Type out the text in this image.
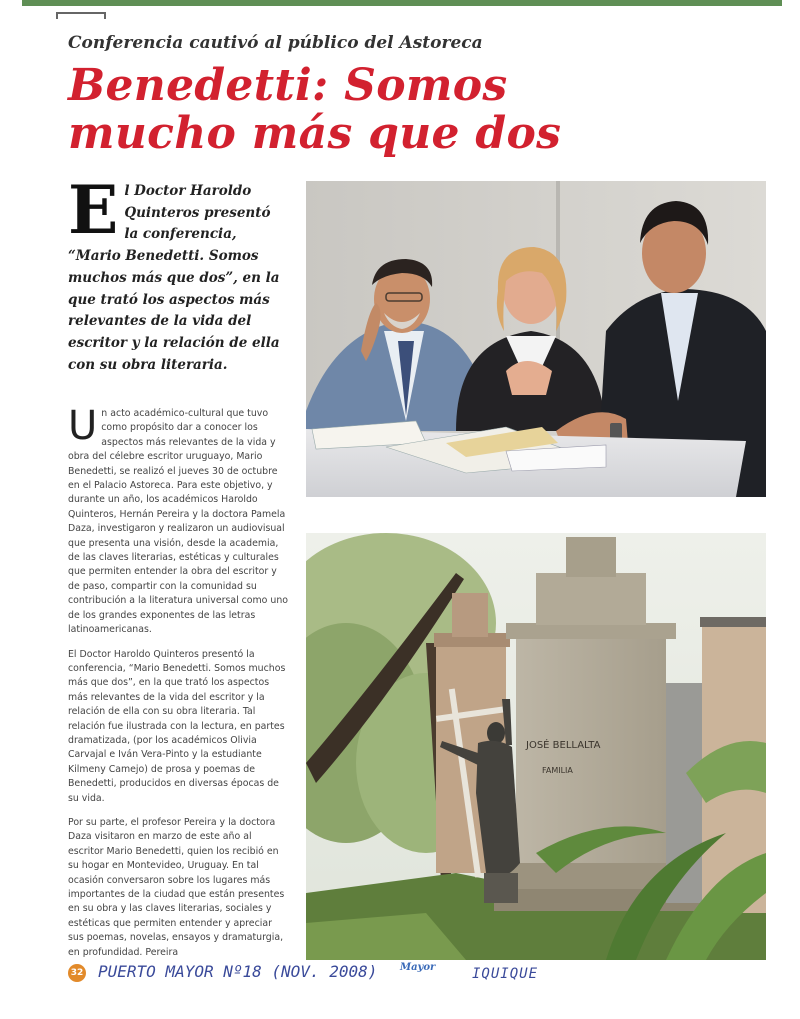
Conferencia cautivó al público del Astoreca
Benedetti: Somos mucho más que dos
El Doctor Haroldo Quinteros presentó la conferencia, “Mario Benedetti. Somos muchos más que dos”, en la que trató los aspectos más relevantes de la vida del escritor y la relación de ella con su obra literaria.

Un acto académico-cultural que tuvo como propósito dar a conocer los aspectos más relevantes de la vida y obra del célebre escritor uruguayo, Mario Benedetti, se realizó el jueves 30 de octubre en el Palacio Astoreca. Para este objetivo, y durante un año, los académicos Haroldo Quinteros, Hernán Pereira y la doctora Pamela Daza, investigaron y realizaron un audiovisual que presenta una visión, desde la academia, de las claves literarias, estéticas y culturales que permiten entender la obra del escritor y de paso, compartir con la comunidad su contribución a la literatura universal como uno de los grandes exponentes de las letras latinoamericanas.

El Doctor Haroldo Quinteros presentó la conferencia, “Mario Benedetti. Somos muchos más que dos”, en la que trató los aspectos más relevantes de la vida del escritor y la relación de ella con su obra literaria. Tal relación fue ilustrada con la lectura, en partes dramatizada, (por los académicos Olivia Carvajal e Iván Vera-Pinto y la estudiante Kilmeny Camejo) de prosa y poemas de Benedetti, producidos en diversas épocas de su vida.

Por su parte, el profesor Pereira y la doctora Daza visitaron en marzo de este año al escritor Mario Benedetti, quien los recibió en su hogar en Montevideo, Uruguay. En tal ocasión conversaron sobre los lugares más importantes de la ciudad que están presentes en su obra y las claves literarias, sociales y estéticas que permiten entender y apreciar sus poemas, novelas, ensayos y dramaturgia, en profundidad. Pereira

JOSÉ BELLALTA
FAMILIA
32 PUERTO MAYOR Nº18 (NOV. 2008) Mayor	IQUIQUE
